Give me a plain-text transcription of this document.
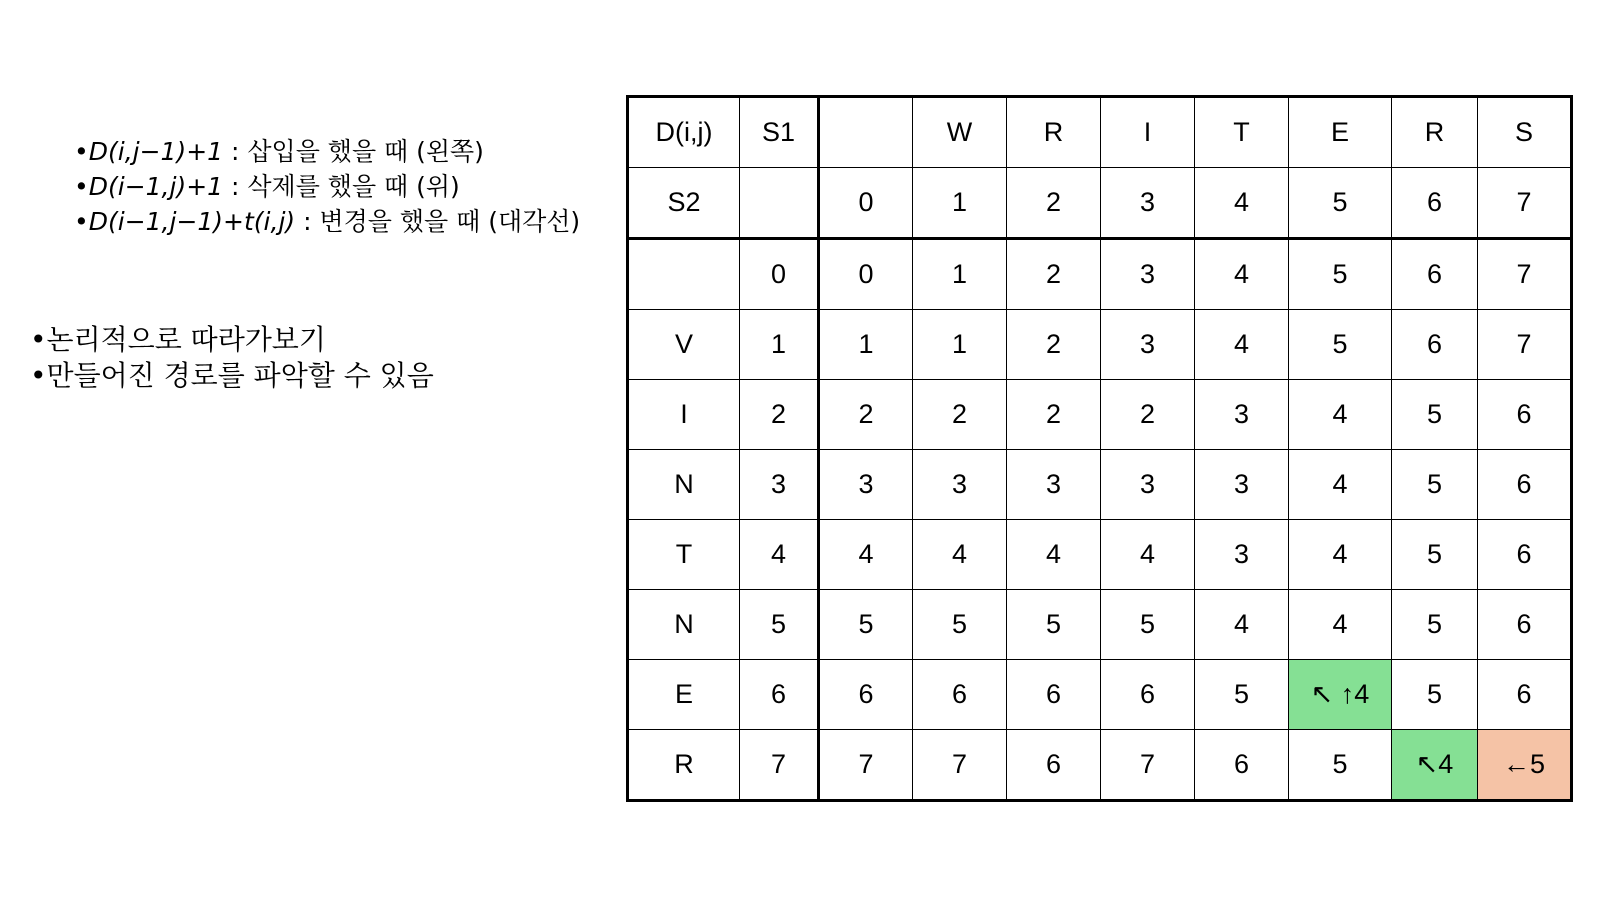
•D(i,j−1)+1 : 삽입을 했을 때 (왼쪽)
•D(i−1,j)+1 : 삭제를 했을 때 (위)
•D(i−1,j−1)+t(i,j) : 변경을 했을 때 (대각선)
•논리적으로 따라가보기
•만들어진 경로를 파악할 수 있음
D(i,j)	S1		W	R	I	T	E	R	S
S2		0	1	2	3	4	5	6	7
	0	0	1	2	3	4	5	6	7
V	1	1	1	2	3	4	5	6	7
I	2	2	2	2	2	3	4	5	6
N	3	3	3	3	3	3	4	5	6
T	4	4	4	4	4	3	4	5	6
N	5	5	5	5	5	4	4	5	6
E	6	6	6	6	6	5	↖ ↑4	5	6
R	7	7	7	6	7	6	5	↖4	←5
